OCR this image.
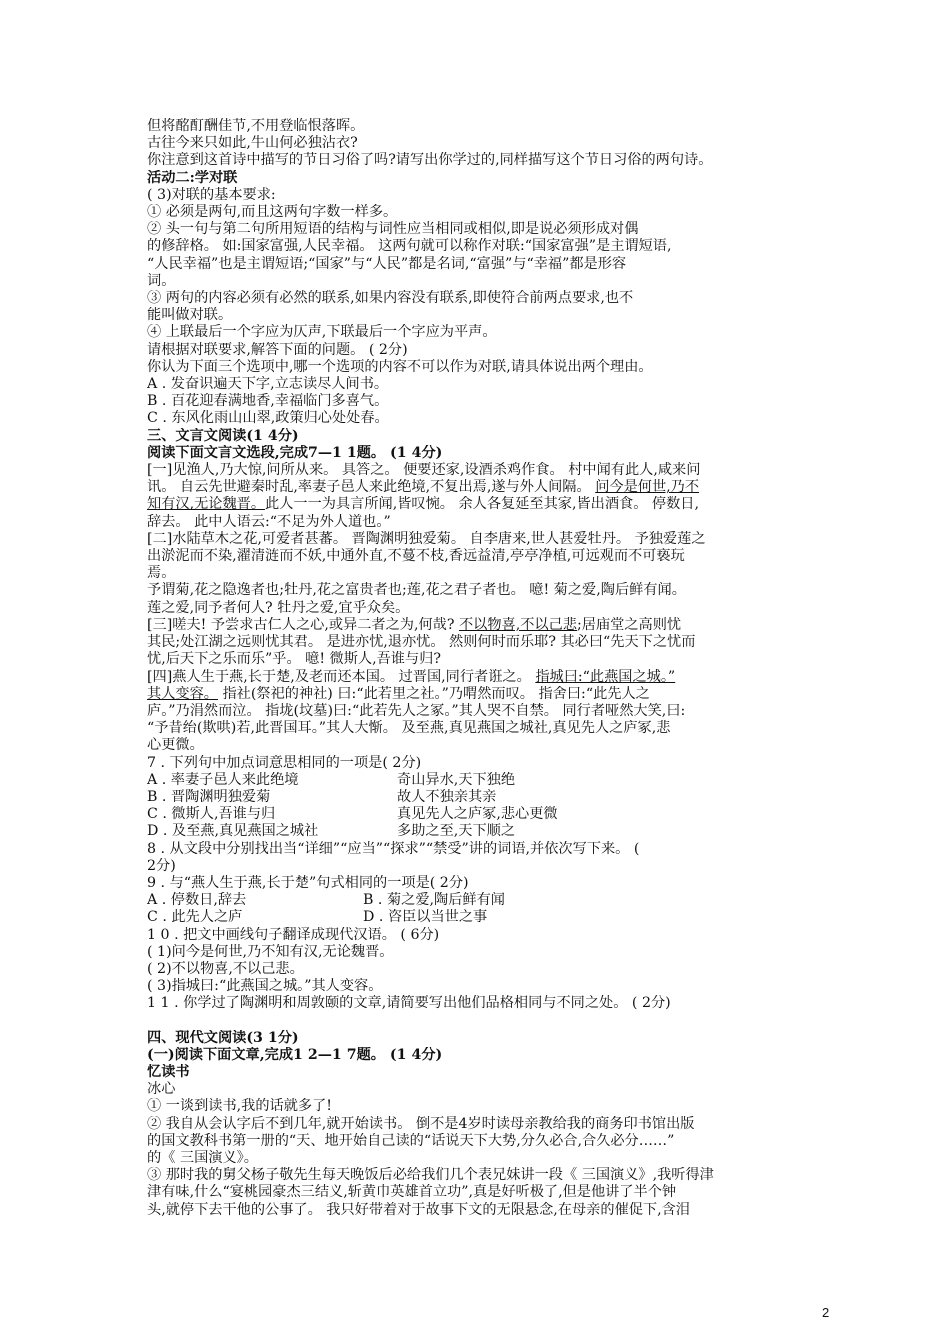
但将酩酊酬佳节,不用登临恨落晖。
古往今来只如此,牛山何必独沾衣?
你注意到这首诗中描写的节日习俗了吗?请写出你学过的,同样描写这个节日习俗的两句诗。
活动二:学对联
( 3)对联的基本要求:
① 必须是两句,而且这两句字数一样多。
② 头一句与第二句所用短语的结构与词性应当相同或相似,即是说必须形成对偶
的修辞格。 如:国家富强,人民幸福。 这两句就可以称作对联:“国家富强”是主谓短语,
“人民幸福”也是主谓短语;“国家”与“人民”都是名词,“富强”与“幸福”都是形容
词。
③ 两句的内容必须有必然的联系,如果内容没有联系,即使符合前两点要求,也不
能叫做对联。
④ 上联最后一个字应为仄声,下联最后一个字应为平声。
请根据对联要求,解答下面的问题。 ( 2分)
你认为下面三个选项中,哪一个选项的内容不可以作为对联,请具体说出两个理由。
A . 发奋识遍天下字,立志读尽人间书。
B . 百花迎春满地香,幸福临门多喜气。
C . 东风化雨山山翠,政策归心处处春。
三、文言文阅读(1 4分)
阅读下面文言文选段,完成7—1 1题。 (1 4分)
[一]见渔人,乃大惊,问所从来。 具答之。 便要还家,设酒杀鸡作食。 村中闻有此人,咸来问
讯。 自云先世避秦时乱,率妻子邑人来此绝境,不复出焉,遂与外人间隔。 问今是何世,乃不
知有汉,无论魏晋。此人一一为具言所闻,皆叹惋。 余人各复延至其家,皆出酒食。 停数日,
辞去。 此中人语云:“不足为外人道也。”
[二]水陆草木之花,可爱者甚蕃。 晋陶渊明独爱菊。 自李唐来,世人甚爱牡丹。 予独爱莲之
出淤泥而不染,濯清涟而不妖,中通外直,不蔓不枝,香远益清,亭亭净植,可远观而不可亵玩
焉。
予谓菊,花之隐逸者也;牡丹,花之富贵者也;莲,花之君子者也。 噫! 菊之爱,陶后鲜有闻。
莲之爱,同予者何人? 牡丹之爱,宜乎众矣。
[三]嗟夫! 予尝求古仁人之心,或异二者之为,何哉? 不以物喜,不以己悲;居庙堂之高则忧
其民;处江湖之远则忧其君。 是进亦忧,退亦忧。 然则何时而乐耶? 其必曰“先天下之忧而
忧,后天下之乐而乐”乎。 噫! 微斯人,吾谁与归?
[四]燕人生于燕,长于楚,及老而还本国。 过晋国,同行者诳之。 指城曰:“此燕国之城。”
其人变容。 指社(祭祀的神社) 曰:“此若里之社。”乃喟然而叹。 指舍曰:“此先人之
庐。”乃涓然而泣。 指垅(坟墓)曰:“此若先人之冢。”其人哭不自禁。 同行者哑然大笑,曰:
“予昔绐(欺哄)若,此晋国耳。”其人大惭。 及至燕,真见燕国之城社,真见先人之庐冢,悲
心更微。
7 . 下列句中加点词意思相同的一项是( 2分)
A . 率妻子邑人来此绝境	奇山异水,天下独绝
B . 晋陶渊明独爱菊	故人不独亲其亲
C . 微斯人,吾谁与归	真见先人之庐冢,悲心更微
D . 及至燕,真见燕国之城社	多助之至,天下顺之
8 . 从文段中分别找出当“详细”“应当”“探求”“禁受”讲的词语,并依次写下来。 (
2分)
9 . 与“燕人生于燕,长于楚”句式相同的一项是( 2分)
A . 停数日,辞去	B . 菊之爱,陶后鲜有闻
C . 此先人之庐	D . 咨臣以当世之事
1 0 . 把文中画线句子翻译成现代汉语。 ( 6分)
( 1)问今是何世,乃不知有汉,无论魏晋。
( 2)不以物喜,不以己悲。
( 3)指城曰:“此燕国之城。”其人变容。
1 1 . 你学过了陶渊明和周敦颐的文章,请简要写出他们品格相同与不同之处。 ( 2分)
四、现代文阅读(3 1分)
(一)阅读下面文章,完成1 2—1 7题。 (1 4分)
忆读书
冰心
① 一谈到读书,我的话就多了!
② 我自从会认字后不到几年,就开始读书。 倒不是4岁时读母亲教给我的商务印书馆出版
的国文教科书第一册的“天、地开始自己读的“话说天下大势,分久必合,合久必分……”
的《 三国演义》。
③ 那时我的舅父杨子敬先生每天晚饭后必给我们几个表兄妹讲一段《 三国演义》,我听得津
津有味,什么“宴桃园豪杰三结义,斩黄巾英雄首立功”,真是好听极了,但是他讲了半个钟
头,就停下去干他的公事了。 我只好带着对于故事下文的无限悬念,在母亲的催促下,含泪
2
